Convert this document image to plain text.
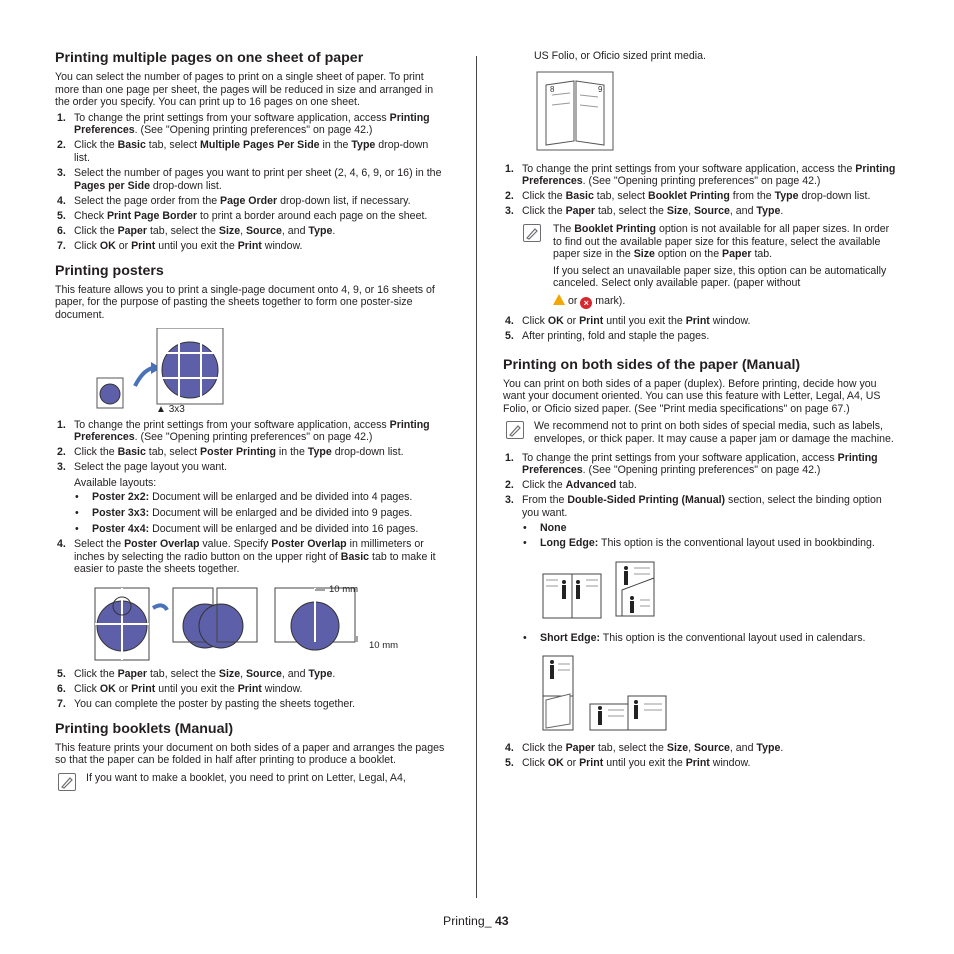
Printing multiple pages on one sheet of paper

You can select the number of pages to print on a single sheet of paper. To print more than one page per sheet, the pages will be reduced in size and arranged in the order you specify. You can print up to 16 pages on one sheet.

1. To change the print settings from your software application, access Printing Preferences. (See "Opening printing preferences" on page 42.)
2. Click the Basic tab, select Multiple Pages Per Side in the Type drop-down list.
3. Select the number of pages you want to print per sheet (2, 4, 6, 9, or 16) in the Pages per Side drop-down list.
4. Select the page order from the Page Order drop-down list, if necessary.
5. Check Print Page Border to print a border around each page on the sheet.
6. Click the Paper tab, select the Size, Source, and Type.
7. Click OK or Print until you exit the Print window.
Printing posters

This feature allows you to print a single-page document onto 4, 9, or 16 sheets of paper, for the purpose of pasting the sheets together to form one poster-size document.

▲ 3x3
1. To change the print settings from your software application, access Printing Preferences. (See "Opening printing preferences" on page 42.)
2. Click the Basic tab, select Poster Printing in the Type drop-down list.
3. Select the page layout you want.

Available layouts:

• Poster 2x2: Document will be enlarged and be divided into 4 pages.
• Poster 3x3: Document will be enlarged and be divided into 9 pages.
• Poster 4x4: Document will be enlarged and be divided into 16 pages.
4. Select the Poster Overlap value. Specify Poster Overlap in millimeters or inches by selecting the radio button on the upper right of Basic tab to make it easier to paste the sheets together.
10 mm
10 mm
5. Click the Paper tab, select the Size, Source, and Type.
6. Click OK or Print until you exit the Print window.
7. You can complete the poster by pasting the sheets together.
Printing booklets (Manual)

This feature prints your document on both sides of a paper and arranges the pages so that the paper can be folded in half after printing to produce a booklet.

If you want to make a booklet, you need to print on Letter, Legal, A4,

US Folio, or Oficio sized print media.

8	9
1. To change the print settings from your software application, access the Printing Preferences. (See "Opening printing preferences" on page 42.)
2. Click the Basic tab, select Booklet Printing from the Type drop-down list.
3. Click the Paper tab, select the Size, Source, and Type.

The Booklet Printing option is not available for all paper sizes. In order to find out the available paper size for this feature, select the available paper size in the Size option on the Paper tab.

If you select an unavailable paper size, this option can be automatically canceled. Select only available paper. (paper without
or × mark).

4. Click OK or Print until you exit the Print window.
5. After printing, fold and staple the pages.
Printing on both sides of the paper (Manual)

You can print on both sides of a paper (duplex). Before printing, decide how you want your document oriented. You can use this feature with Letter, Legal, A4, US Folio, or Oficio sized paper. (See "Print media specifications" on page 67.)

We recommend not to print on both sides of special media, such as labels, envelopes, or thick paper. It may cause a paper jam or damage the machine.

1. To change the print settings from your software application, access Printing Preferences. (See "Opening printing preferences" on page 42.)
2. Click the Advanced tab.
3. From the Double-Sided Printing (Manual) section, select the binding option you want.
• None
• Long Edge: This option is the conventional layout used in bookbinding.
• Short Edge: This option is the conventional layout used in calendars.
4. Click the Paper tab, select the Size, Source, and Type.
5. Click OK or Print until you exit the Print window.
Printing_ 43
